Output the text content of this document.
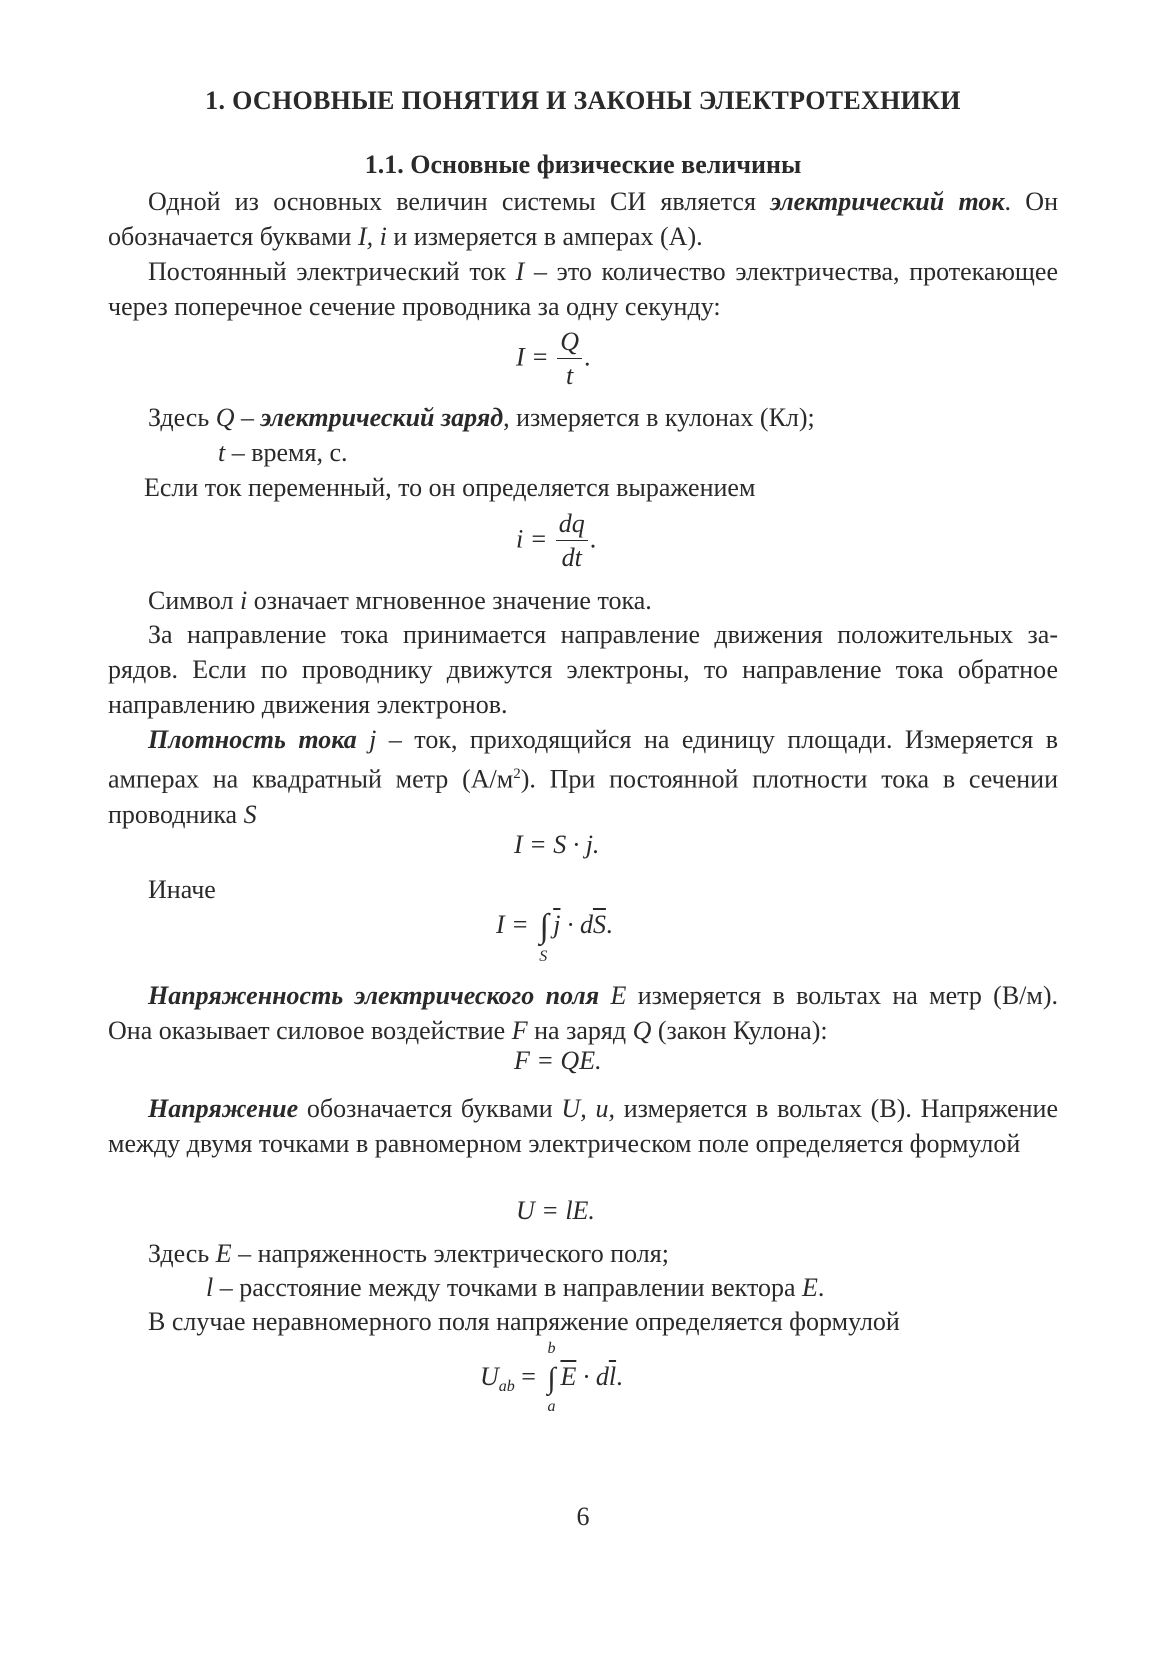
1. ОСНОВНЫЕ ПОНЯТИЯ И ЗАКОНЫ ЭЛЕКТРОТЕХНИКИ
1.1. Основные физические величины
Одной из основных величин системы СИ является электрический ток. Он обозначается буквами I, i и измеряется в амперах (А).
Постоянный электрический ток I – это количество электричества, протекающее через поперечное сечение проводника за одну секунду:
$I = \frac{Q}{t}$ .
Здесь Q – электрический заряд, измеряется в кулонах (Кл);
t – время, с.
Если ток переменный, то он определяется выражением
$i = \frac{dq}{dt}$ .
Символ i означает мгновенное значение тока.
За направление тока принимается направление движения положительных зарядов. Если по проводнику движутся электроны, то направление тока обратное направлению движения электронов.
Плотность тока j – ток, приходящийся на единицу площади. Измеряется в амперах на квадратный метр $(А/м^2)$. При постоянной плотности тока в сечении проводника S
I = S · j.
Иначе
I = ∫
S
$\overline{j} \cdot d\overline{S}$.
Напряженность электрического поля E измеряется в вольтах на метр (В/м). Она оказывает силовое воздействие F на заряд Q (закон Кулона):
F = QE.
Напряжение обозначается буквами U, u, измеряется в вольтах (В). Напряжение между двумя точками в равномерном электрическом поле определяется формулой
U = lE.
Здесь E – напряженность электрического поля;
l – расстояние между точками в направлении вектора E.
В случае неравномерного поля напряжение определяется формулой
$U_{ab}$ =
b
∫
a
$\overline{E} \cdot d\overline{l}$.
6
